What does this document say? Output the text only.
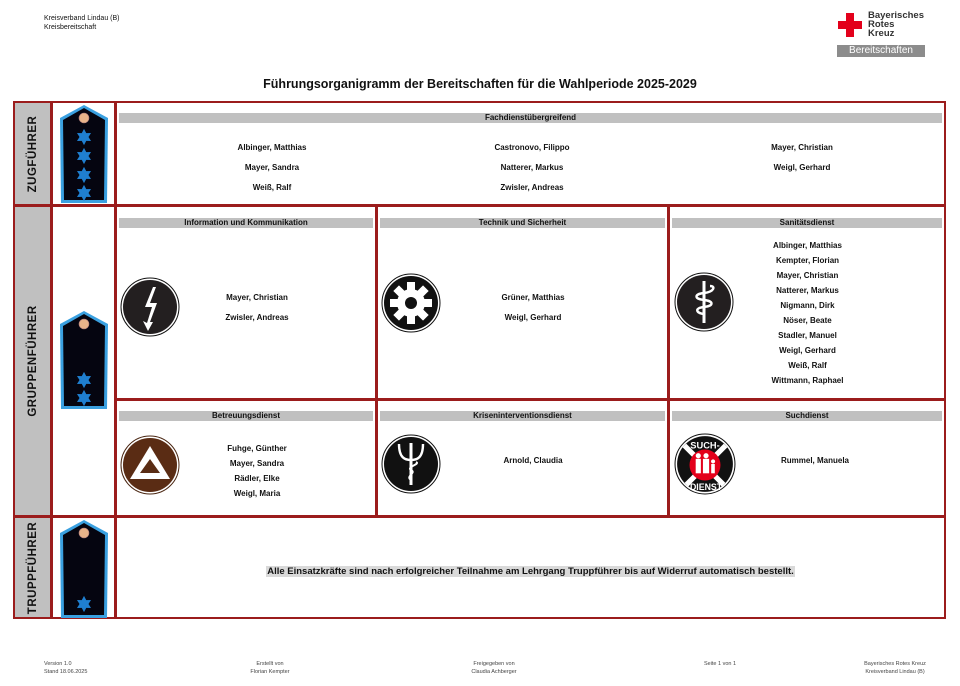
Kreisverband Lindau (B)
Kreisbereitschaft
Bayerisches
Rotes
Kreuz
Bereitschaften
Führungsorganigramm der Bereitschaften für die Wahlperiode 2025-2029
ZUGFÜHRER	Fachdienstübergreifend
Albinger, Matthias
Mayer, Sandra
Weiß, Ralf
Castronovo, Filippo
Natterer, Markus
Zwisler, Andreas
Mayer, Christian
Weigl, Gerhard
GRUPPENFÜHRER
Information und Kommunikation
Mayer, Christian
Zwisler, Andreas
Technik und Sicherheit
Grüner, Matthias
Weigl, Gerhard
Sanitätsdienst
Albinger, Matthias
Kempter, Florian
Mayer, Christian
Natterer, Markus
Nigmann, Dirk
Nöser, Beate
Stadler, Manuel
Weigl, Gerhard
Weiß, Ralf
Wittmann, Raphael
Betreuungsdienst
Fuhge, Günther
Mayer, Sandra
Rädler, Elke
Weigl, Maria
Kriseninterventionsdienst
Arnold, Claudia
Suchdienst
SUCH-
DIENST
Rummel, Manuela
TRUPPFÜHRER	Alle Einsatzkräfte sind nach erfolgreicher Teilnahme am Lehrgang Truppführer bis auf Widerruf automatisch bestellt.
Version 1.0
Stand 18.06.2025
Erstellt von
Florian Kempter
Freigegeben von
Claudia Achberger
Seite 1 von 1	Bayerisches Rotes Kreuz
Kreisverband Lindau (B)
